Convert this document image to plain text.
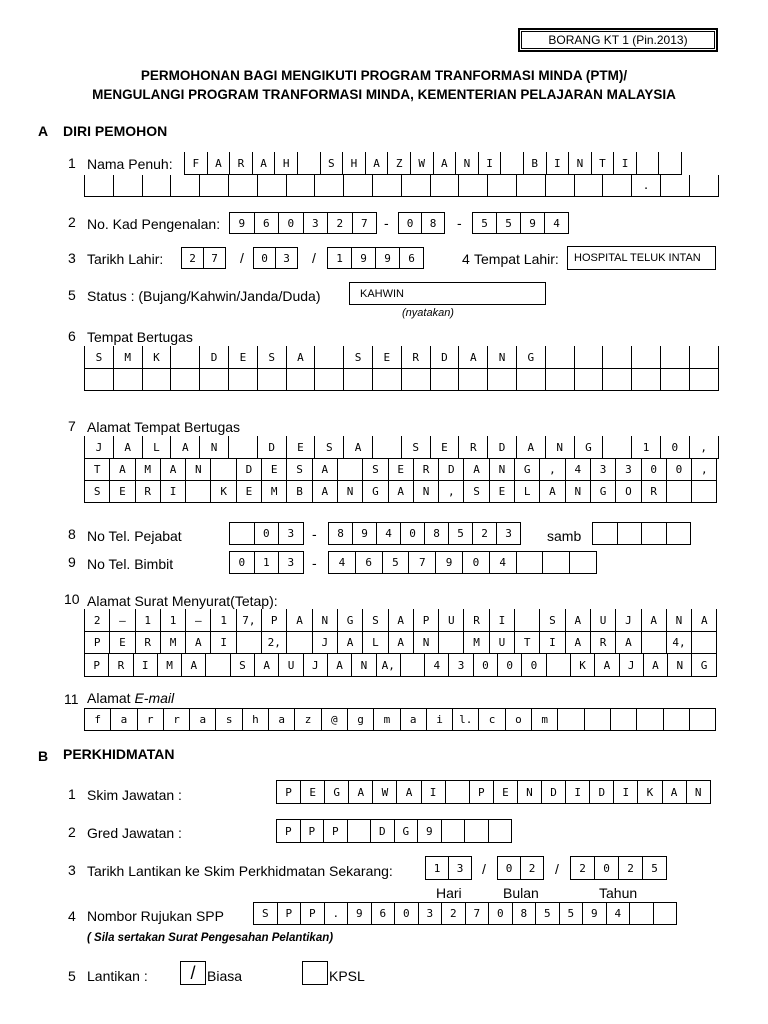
BORANG KT 1 (Pin.2013)
PERMOHONAN BAGI MENGIKUTI PROGRAM TRANFORMASI MINDA (PTM)/
MENGULANGI PROGRAM TRANFORMASI MINDA, KEMENTERIAN PELAJARAN MALAYSIA
A DIRI PEMOHON
1 Nama Penuh:	F	A	R	A	H	S	H	A	Z	W	A	N	I	B	I	N	T	I
.
2 No. Kad Pengenalan:	9	6	0	3	2	7	-	0	8	-	5	5	9	4
3 Tarikh Lahir:	2	7	/	0	3	/	1	9	9	6	4 Tempat Lahir:	HOSPITAL TELUK INTAN
5 Status : (Bujang/Kahwin/Janda/Duda)	KAHWIN
(nyatakan)
6 Tempat Bertugas
S	M	K	D	E	S	A	S	E	R	D	A	N	G
7 Alamat Tempat Bertugas
J	A	L	A	N	D	E	S	A	S	E	R	D	A	N	G	1	0	,
T	A	M	A	N	D	E	S	A	S	E	R	D	A	N	G	,	4	3	3	0	0	,
S	E	R	I	K	E	M	B	A	N	G	A	N	,	S	E	L	A	N	G	O	R
8 No Tel. Pejabat	0	3	-	8	9	4	0	8	5	2	3	samb
9 No Tel. Bimbit	0	1	3	-	4	6	5	7	9	0	4
10 Alamat Surat Menyurat(Tetap):
2	–	1	1	–	1	7,	P	A	N	G	S	A	P	U	R	I	S	A	U	J	A	N	A
P	E	R	M	A	I	2,	J	A	L	A	N	M	U	T	I	A	R	A	4,
P	R	I	M	A	S	A	U	J	A	N	A,	4	3	0	0	0	K	A	J	A	N	G
11 Alamat E-mail
f	a	r	r	a	s	h	a	z	@	g	m	a	i	l.	c	o	m
B PERKHIDMATAN
1 Skim Jawatan :	P	E	G	A	W	A	I	P	E	N	D	I	D	I	K	A	N
2 Gred Jawatan :	P	P	P	D	G	9
3 Tarikh Lantikan ke Skim Perkhidmatan Sekarang:	1	3	/	0	2	/	2	0	2	5
Hari	Bulan	Tahun
4 Nombor Rujukan SPP	S	P	P	.	9	6	0	3	2	7	0	8	5	5	9	4
( Sila sertakan Surat Pengesahan Pelantikan)
5 Lantikan :	/ Biasa	KPSL
